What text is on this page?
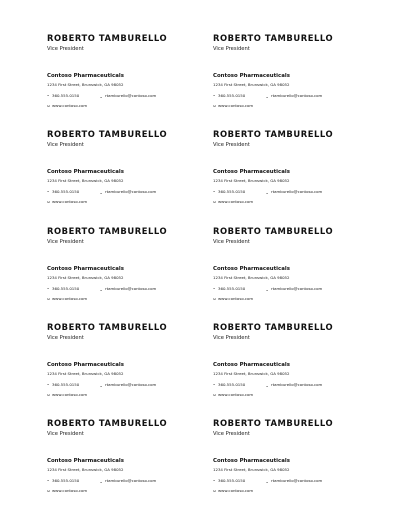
ROBERTO TAMBURELLO
Vice President
Contoso Pharmaceuticals
1234 First Street, Brunswick, GA 98052
• 360.555.0150	• rtamburello@contoso.com
ω www.contoso.com
ROBERTO TAMBURELLO
Vice President
Contoso Pharmaceuticals
1234 First Street, Brunswick, GA 98052
• 360.555.0150	• rtamburello@contoso.com
ω www.contoso.com
ROBERTO TAMBURELLO
Vice President
Contoso Pharmaceuticals
1234 First Street, Brunswick, GA 98052
• 360.555.0150	• rtamburello@contoso.com
ω www.contoso.com
ROBERTO TAMBURELLO
Vice President
Contoso Pharmaceuticals
1234 First Street, Brunswick, GA 98052
• 360.555.0150	• rtamburello@contoso.com
ω www.contoso.com
ROBERTO TAMBURELLO
Vice President
Contoso Pharmaceuticals
1234 First Street, Brunswick, GA 98052
• 360.555.0150	• rtamburello@contoso.com
ω www.contoso.com
ROBERTO TAMBURELLO
Vice President
Contoso Pharmaceuticals
1234 First Street, Brunswick, GA 98052
• 360.555.0150	• rtamburello@contoso.com
ω www.contoso.com
ROBERTO TAMBURELLO
Vice President
Contoso Pharmaceuticals
1234 First Street, Brunswick, GA 98052
• 360.555.0150	• rtamburello@contoso.com
ω www.contoso.com
ROBERTO TAMBURELLO
Vice President
Contoso Pharmaceuticals
1234 First Street, Brunswick, GA 98052
• 360.555.0150	• rtamburello@contoso.com
ω www.contoso.com
ROBERTO TAMBURELLO
Vice President
Contoso Pharmaceuticals
1234 First Street, Brunswick, GA 98052
• 360.555.0150	• rtamburello@contoso.com
ω www.contoso.com
ROBERTO TAMBURELLO
Vice President
Contoso Pharmaceuticals
1234 First Street, Brunswick, GA 98052
• 360.555.0150	• rtamburello@contoso.com
ω www.contoso.com
